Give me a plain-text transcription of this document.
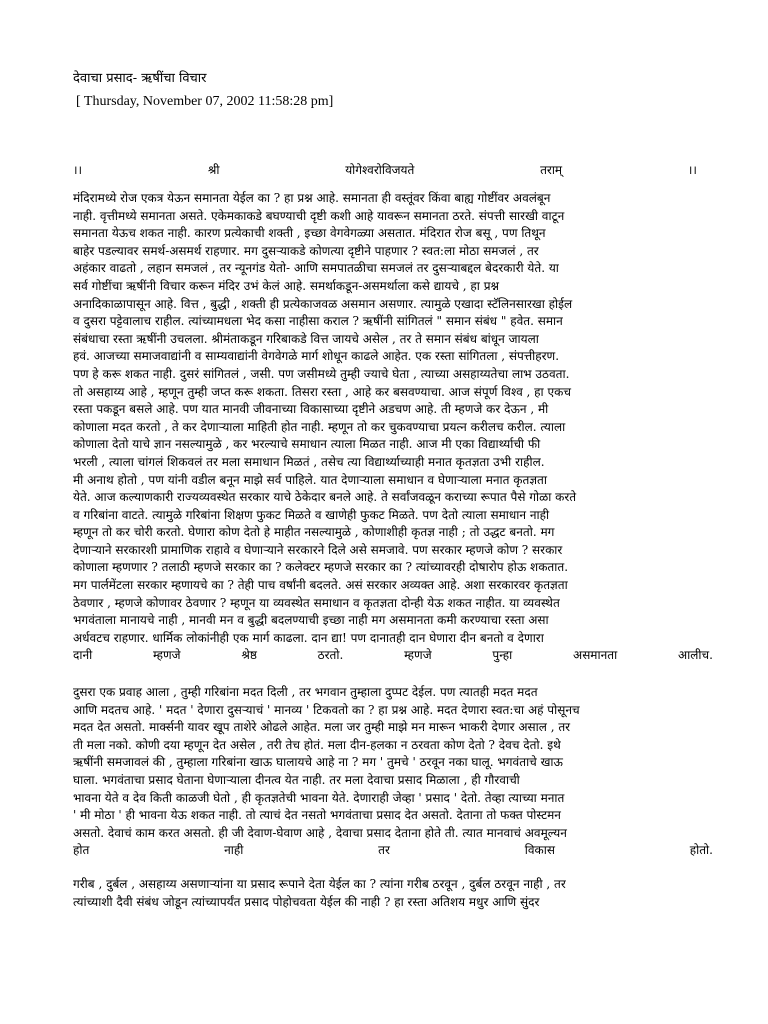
देवाचा प्रसाद- ऋषींचा विचार
[ Thursday, November 07, 2002 11:58:28 pm]
।।	श्री	योगेश्वरोविजयते	तराम्	।।
मंदिरामध्ये रोज एकत्र येऊन समानता येईल का ? हा प्रश्न आहे. समानता ही वस्तूंवर किंवा बाह्य गोष्टींवर अवलंबून
नाही. वृत्तीमध्ये समानता असते. एकेमकाकडे बघण्याची दृष्टी कशी आहे यावरून समानता ठरते. संपत्ती सारखी वाटून
समानता येऊच शकत नाही. कारण प्रत्येकाची शक्ती , इच्छा वेगवेगळ्या असतात. मंदिरात रोज बसू , पण तिथून
बाहेर पडल्यावर समर्थ-असमर्थ राहणार. मग दुसऱ्याकडे कोणत्या दृष्टीने पाहणार ? स्वत:ला मोठा समजलं , तर
अहंकार वाढतो , लहान समजलं , तर न्यूनगंड येतो- आणि समपातळीचा समजलं तर दुसऱ्याबद्दल बेदरकारी येते. या
सर्व गोष्टींचा ऋषींनी विचार करून मंदिर उभं केलं आहे. समर्थाकडून-असमर्थाला कसे द्यायचे , हा प्रश्न
अनादिकाळापासून आहे. वित्त , बुद्धी , शक्ती ही प्रत्येकाजवळ असमान असणार. त्यामुळे एखादा स्टॅलिनसारखा होईल
व दुसरा पट्टेवालाच राहील. त्यांच्यामधला भेद कसा नाहीसा कराल ? ऋषींनी सांगितलं " समान संबंध " हवेत. समान
संबंधाचा रस्ता ऋषींनी उचलला. श्रीमंताकडून गरिबाकडे वित्त जायचे असेल , तर ते समान संबंध बांधून जायला
हवं. आजच्या समाजवाद्यांनी व साम्यवाद्यांनी वेगवेगळे मार्ग शोधून काढले आहेत. एक रस्ता सांगितला , संपत्तीहरण.
पण हे करू शकत नाही. दुसरं सांगितलं , जसी. पण जसीमध्ये तुम्ही ज्याचे घेता , त्याच्या असहाय्यतेचा लाभ उठवता.
तो असहाय्य आहे , म्हणून तुम्ही जप्त करू शकता. तिसरा रस्ता , आहे कर बसवण्याचा. आज संपूर्ण विश्व , हा एकच
रस्ता पकडून बसले आहे. पण यात मानवी जीवनाच्या विकासाच्या दृष्टीने अडचण आहे. ती म्हणजे कर देऊन , मी
कोणाला मदत करतो , ते कर देणाऱ्याला माहिती होत नाही. म्हणून तो कर चुकवण्याचा प्रयत्न करीलच करील. त्याला
कोणाला देतो याचे ज्ञान नसल्यामुळे , कर भरल्याचे समाधान त्याला मिळत नाही. आज मी एका विद्यार्थ्याची फी
भरली , त्याला चांगलं शिकवलं तर मला समाधान मिळतं , तसेच त्या विद्यार्थ्याच्याही मनात कृतज्ञता उभी राहील.
मी अनाथ होतो , पण यांनी वडील बनून माझे सर्व पाहिले. यात देणाऱ्याला समाधान व घेणाऱ्याला मनात कृतज्ञता
येते. आज कल्याणकारी राज्यव्यवस्थेत सरकार याचे ठेकेदार बनले आहे. ते सर्वांजवळून कराच्या रूपात पैसे गोळा करते
व गरिबांना वाटते. त्यामुळे गरिबांना शिक्षण फुकट मिळते व खाणेही फुकट मिळते. पण देतो त्याला समाधान नाही
म्हणून तो कर चोरी करतो. घेणारा कोण देतो हे माहीत नसल्यामुळे , कोणाशीही कृतज्ञ नाही ; तो उद्धट बनतो. मग
देणाऱ्याने सरकारशी प्रामाणिक राहावे व घेणाऱ्याने सरकारने दिले असे समजावे. पण सरकार म्हणजे कोण ? सरकार
कोणाला म्हणणार ? तलाठी म्हणजे सरकार का ? कलेक्टर म्हणजे सरकार का ? त्यांच्यावरही दोषारोप होऊ शकतात.
मग पार्लमेंटला सरकार म्हणायचे का ? तेही पाच वर्षांनी बदलते. असं सरकार अव्यक्त आहे. अशा सरकारवर कृतज्ञता
ठेवणार , म्हणजे कोणावर ठेवणार ? म्हणून या व्यवस्थेत समाधान व कृतज्ञता दोन्ही येऊ शकत नाहीत. या व्यवस्थेत
भगवंताला मानायचे नाही , मानवी मन व बुद्धी बदलण्याची इच्छा नाही मग असमानता कमी करण्याचा रस्ता असा
अर्धवटच राहणार. धार्मिक लोकांनीही एक मार्ग काढला. दान द्या! पण दानातही दान घेणारा दीन बनतो व देणारा
दानी	म्हणजे	श्रेष्ठ	ठरतो.	म्हणजे	पुन्हा	असमानता	आलीच.
दुसरा एक प्रवाह आला , तुम्ही गरिबांना मदत दिली , तर भगवान तुम्हाला दुप्पट देईल. पण त्यातही मदत मदत
आणि मदतच आहे. ' मदत ' देणारा दुसऱ्याचं ' मानव्य ' टिकवतो का ? हा प्रश्न आहे. मदत देणारा स्वत:चा अहं पोसूनच
मदत देत असतो. मार्क्सनी यावर खूप ताशेरे ओढले आहेत. मला जर तुम्ही माझे मन मारून भाकरी देणार असाल , तर
ती मला नको. कोणी दया म्हणून देत असेल , तरी तेच होतं. मला दीन-हलका न ठरवता कोण देतो ? देवच देतो. इथे
ऋषींनी समजावलं की , तुम्हाला गरिबांना खाऊ घालायचे आहे ना ? मग ' तुमचे ' ठरवून नका घालू. भगवंताचे खाऊ
घाला. भगवंताचा प्रसाद घेताना घेणाऱ्याला दीनत्व येत नाही. तर मला देवाचा प्रसाद मिळाला , ही गौरवाची
भावना येते व देव किती काळजी घेतो , ही कृतज्ञतेची भावना येते. देणाराही जेव्हा ' प्रसाद ' देतो. तेव्हा त्याच्या मनात
' मी मोठा ' ही भावना येऊ शकत नाही. तो त्याचं देत नसतो भगवंताचा प्रसाद देत असतो. देताना तो फक्त पोस्टमन
असतो. देवाचं काम करत असतो. ही जी देवाण-घेवाण आहे , देवाचा प्रसाद देताना होते ती. त्यात मानवाचं अवमूल्यन
होत	नाही	तर	विकास	होतो.
गरीब , दुर्बल , असहाय्य असणाऱ्यांना या प्रसाद रूपाने देता येईल का ? त्यांना गरीब ठरवून , दुर्बल ठरवून नाही , तर
त्यांच्याशी दैवी संबंध जोडून त्यांच्यापर्यंत प्रसाद पोहोचवता येईल की नाही ? हा रस्ता अतिशय मधुर आणि सुंदर
